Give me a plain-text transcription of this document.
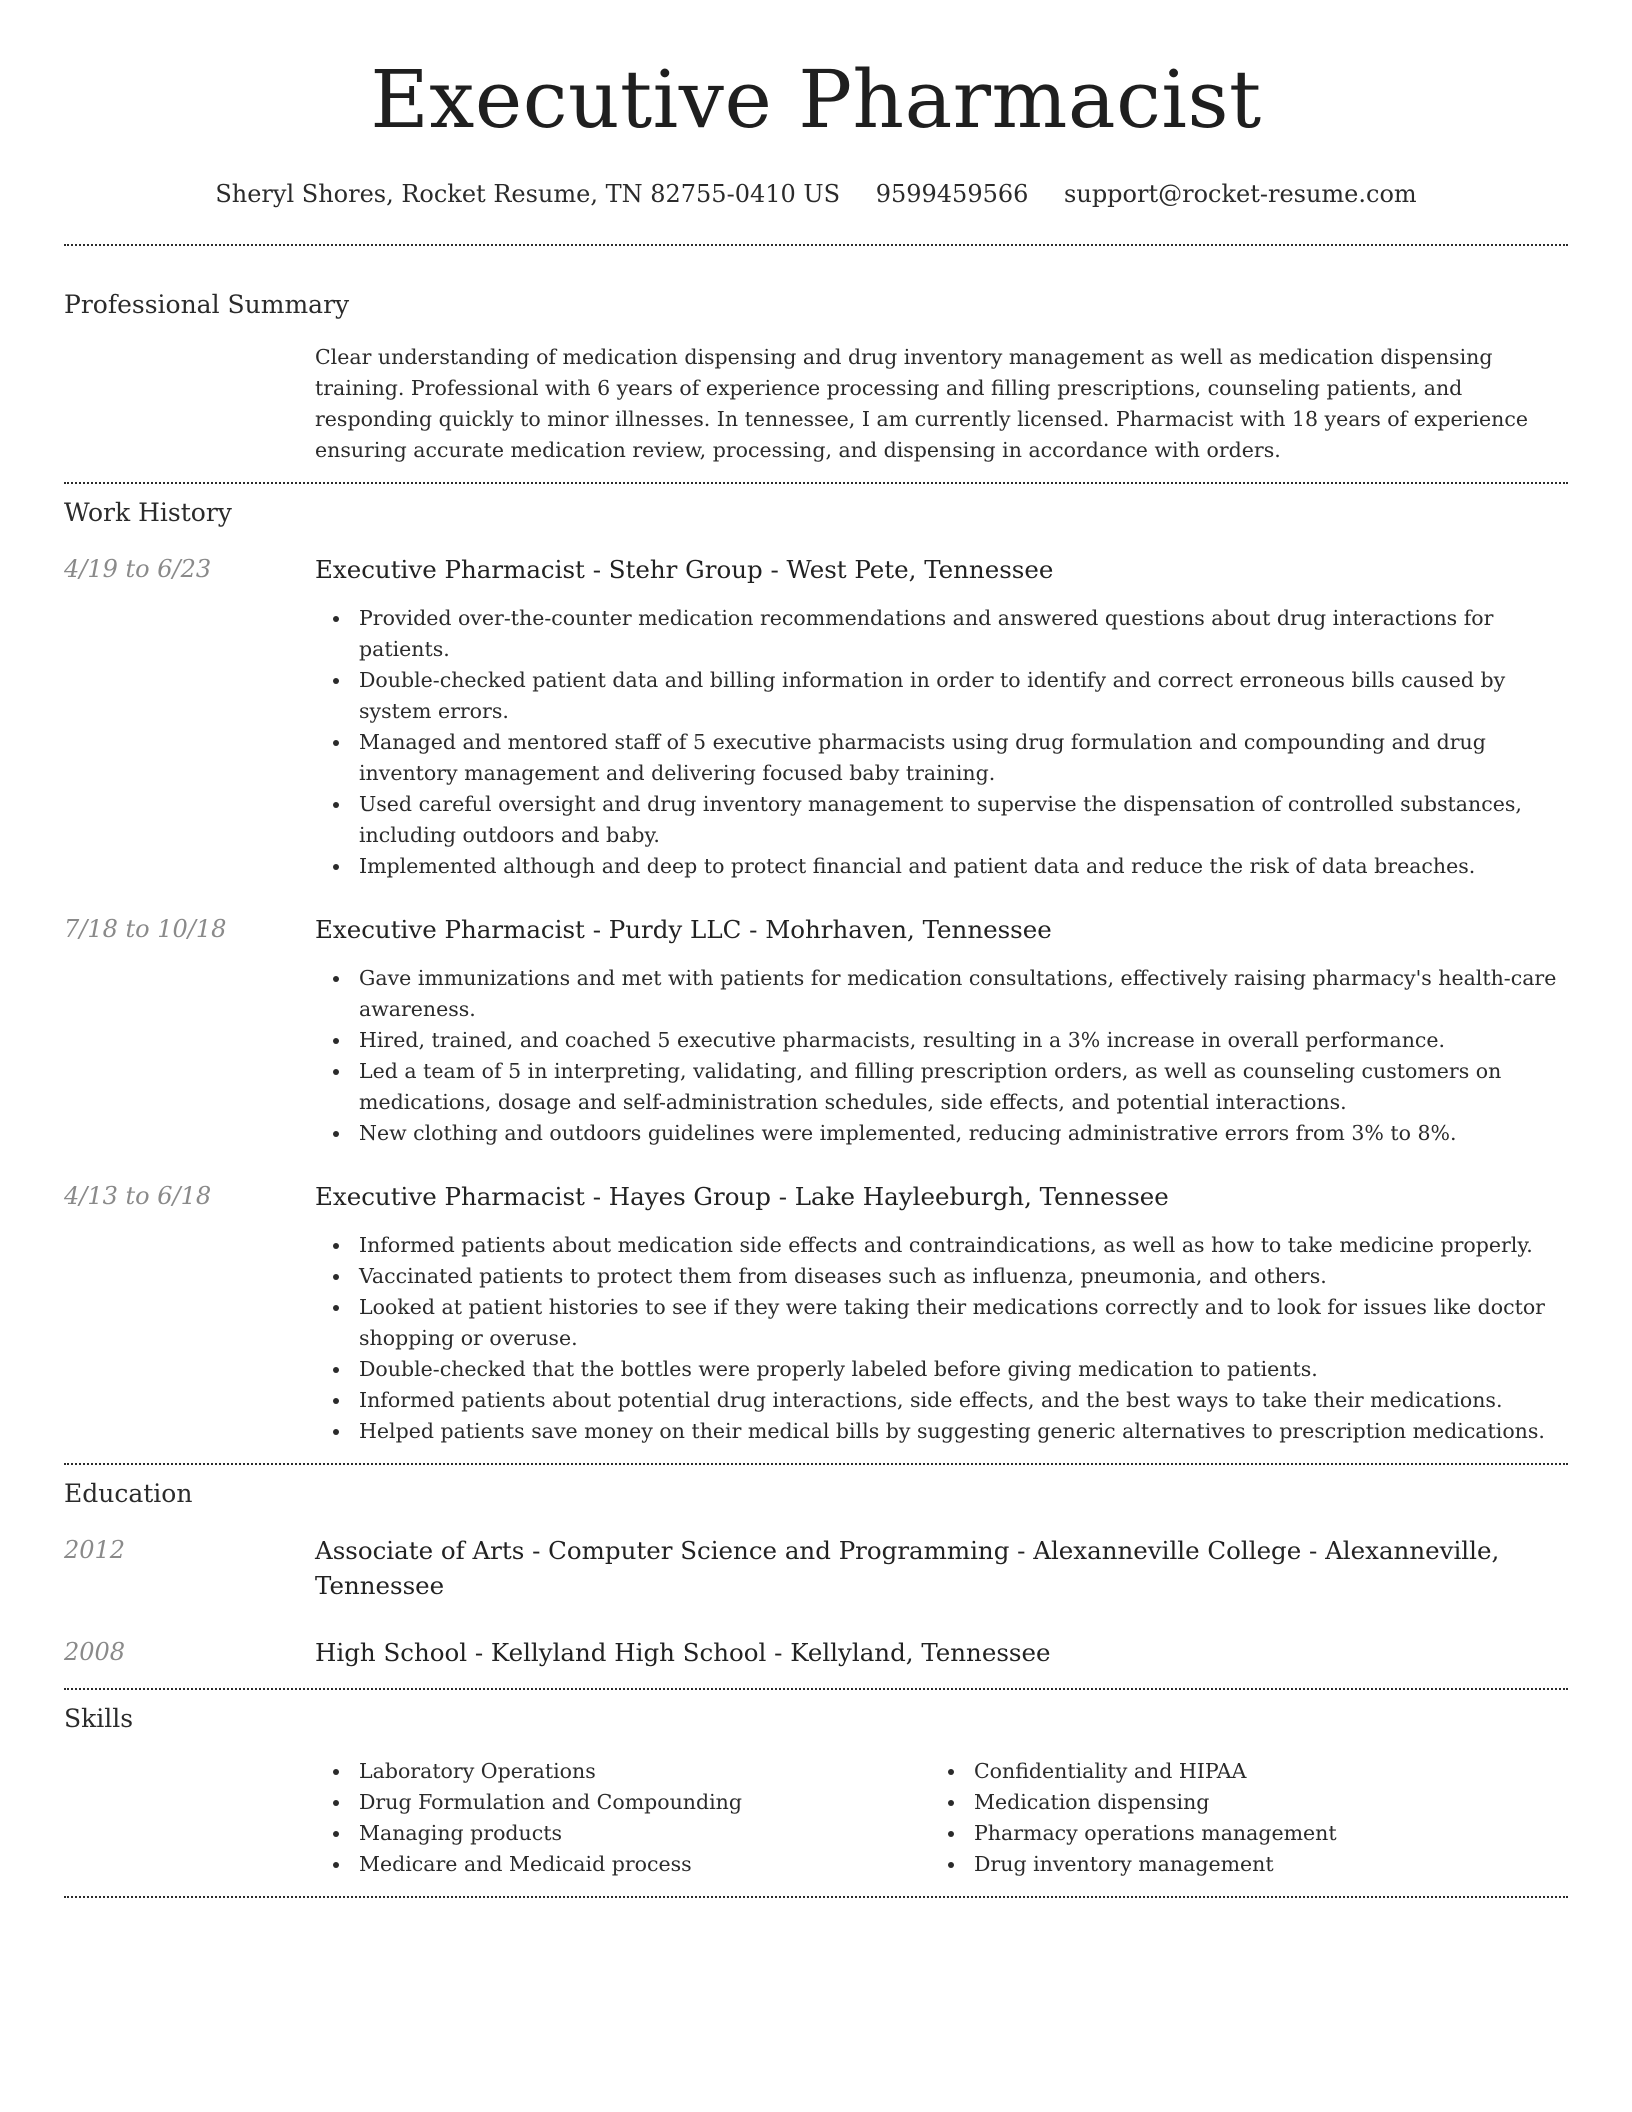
Executive Pharmacist
Sheryl Shores, Rocket Resume, TN 82755-0410 US 9599459566 support@rocket-resume.com
Professional Summary
Clear understanding of medication dispensing and drug inventory management as well as medication dispensing training. Professional with 6 years of experience processing and filling prescriptions, counseling patients, and responding quickly to minor illnesses. In tennessee, I am currently licensed. Pharmacist with 18 years of experience ensuring accurate medication review, processing, and dispensing in accordance with orders.
Work History
4/19 to 6/23	Executive Pharmacist - Stehr Group - West Pete, Tennessee
Provided over-the-counter medication recommendations and answered questions about drug interactions for patients.
Double-checked patient data and billing information in order to identify and correct erroneous bills caused by system errors.
Managed and mentored staff of 5 executive pharmacists using drug formulation and compounding and drug inventory management and delivering focused baby training.
Used careful oversight and drug inventory management to supervise the dispensation of controlled substances, including outdoors and baby.
Implemented although and deep to protect financial and patient data and reduce the risk of data breaches.
7/18 to 10/18	Executive Pharmacist - Purdy LLC - Mohrhaven, Tennessee
Gave immunizations and met with patients for medication consultations, effectively raising pharmacy's health-care awareness.
Hired, trained, and coached 5 executive pharmacists, resulting in a 3% increase in overall performance.
Led a team of 5 in interpreting, validating, and filling prescription orders, as well as counseling customers on medications, dosage and self-administration schedules, side effects, and potential interactions.
New clothing and outdoors guidelines were implemented, reducing administrative errors from 3% to 8%.
4/13 to 6/18	Executive Pharmacist - Hayes Group - Lake Hayleeburgh, Tennessee
Informed patients about medication side effects and contraindications, as well as how to take medicine properly.
Vaccinated patients to protect them from diseases such as influenza, pneumonia, and others.
Looked at patient histories to see if they were taking their medications correctly and to look for issues like doctor shopping or overuse.
Double-checked that the bottles were properly labeled before giving medication to patients.
Informed patients about potential drug interactions, side effects, and the best ways to take their medications.
Helped patients save money on their medical bills by suggesting generic alternatives to prescription medications.
Education
2012	Associate of Arts - Computer Science and Programming - Alexanneville College - Alexanneville, Tennessee
2008	High School - Kellyland High School - Kellyland, Tennessee
Skills
Laboratory Operations
Drug Formulation and Compounding
Managing products
Medicare and Medicaid process
Confidentiality and HIPAA
Medication dispensing
Pharmacy operations management
Drug inventory management
